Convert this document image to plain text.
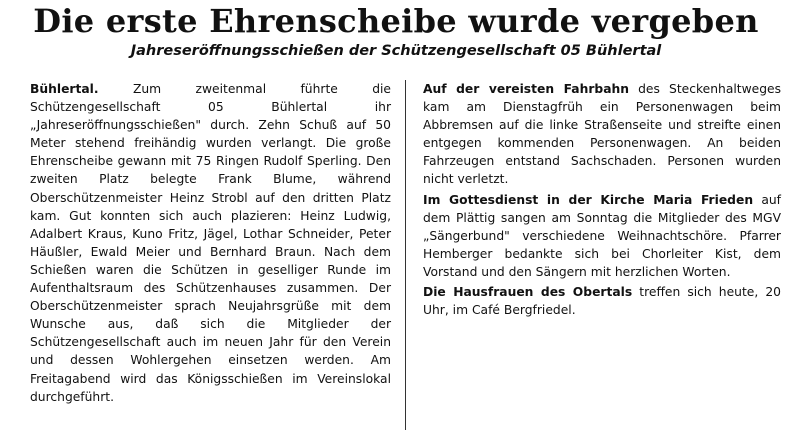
Die erste Ehrenscheibe wurde vergeben
Jahreseröffnungsschießen der Schützengesellschaft 05 Bühlertal

Bühlertal. Zum zweitenmal führte die Schützengesellschaft 05 Bühlertal ihr „Jahreseröffnungsschießen" durch. Zehn Schuß auf 50 Meter stehend freihändig wurden verlangt. Die große Ehrenscheibe gewann mit 75 Ringen Rudolf Sperling. Den zweiten Platz belegte Frank Blume, während Oberschützenmeister Heinz Strobl auf den dritten Platz kam. Gut konnten sich auch plazieren: Heinz Ludwig, Adalbert Kraus, Kuno Fritz, Jägel, Lothar Schneider, Peter Häußler, Ewald Meier und Bernhard Braun. Nach dem Schießen waren die Schützen in geselliger Runde im Aufenthaltsraum des Schützenhauses zusammen. Der Oberschützenmeister sprach Neujahrsgrüße mit dem Wunsche aus, daß sich die Mitglieder der Schützengesellschaft auch im neuen Jahr für den Verein und dessen Wohlergehen einsetzen werden. Am Freitagabend wird das Königsschießen im Vereinslokal durchgeführt.

Auf der vereisten Fahrbahn des Steckenhaltweges kam am Dienstagfrüh ein Personenwagen beim Abbremsen auf die linke Straßenseite und streifte einen entgegen kommenden Personenwagen. An beiden Fahrzeugen entstand Sachschaden. Personen wurden nicht verletzt.

Im Gottesdienst in der Kirche Maria Frieden auf dem Plättig sangen am Sonntag die Mitglieder des MGV „Sängerbund" verschiedene Weihnachtschöre. Pfarrer Hemberger bedankte sich bei Chorleiter Kist, dem Vorstand und den Sängern mit herzlichen Worten.

Die Hausfrauen des Obertals treffen sich heute, 20 Uhr, im Café Bergfriedel.
